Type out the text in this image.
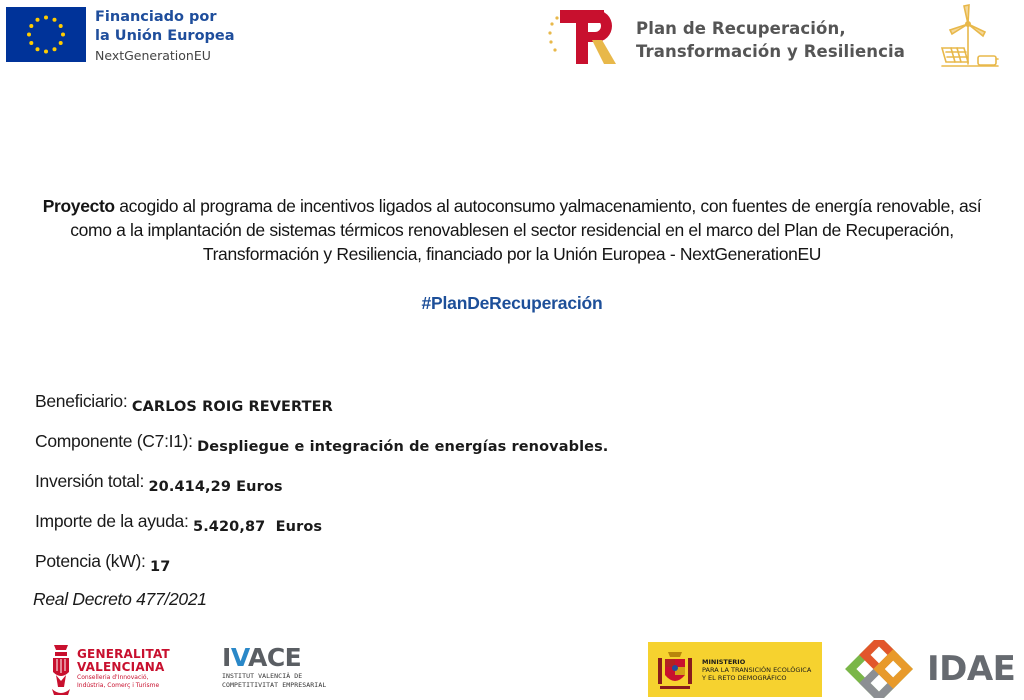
Financiado por
la Unión Europea
NextGenerationEU
Plan de Recuperación,
Transformación y Resiliencia
Proyecto acogido al programa de incentivos ligados al autoconsumo yalmacenamiento, con fuentes de energía renovable, así como a la implantación de sistemas térmicos renovablesen el sector residencial en el marco del Plan de Recuperación, Transformación y Resiliencia, financiado por la Unión Europea - NextGenerationEU
#PlanDeRecuperación
Beneficiario: CARLOS ROIG REVERTER
Componente (C7:I1): Despliegue e integración de energías renovables.
Inversión total: 20.414,29 Euros
Importe de la ayuda: 5.420,87  Euros
Potencia (kW): 17
Real Decreto 477/2021
GENERALITAT
VALENCIANA
Conselleria d'Innovació,
Indústria, Comerç i Turisme
IVACE
INSTITUT VALENCIÀ DE
COMPETITIVITAT EMPRESARIAL
MINISTERIO
PARA LA TRANSICIÓN ECOLÓGICA
Y EL RETO DEMOGRÁFICO	IDAE
